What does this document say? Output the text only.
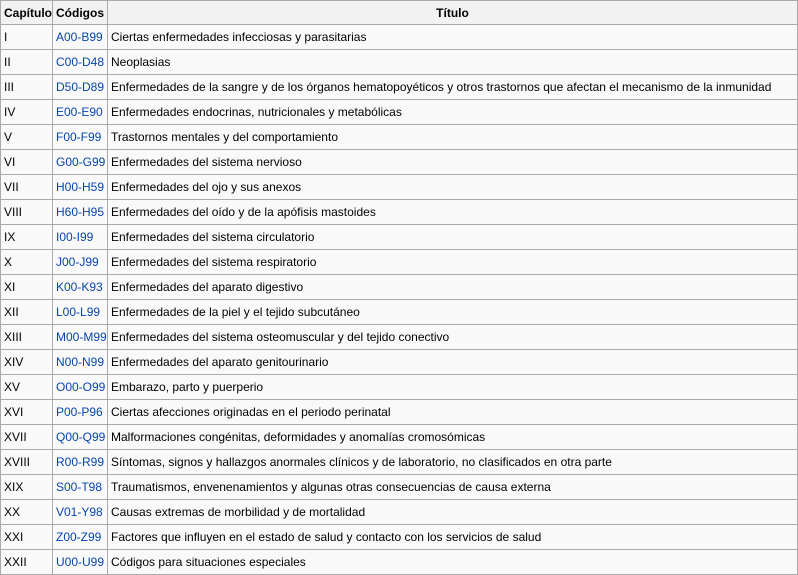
Capítulo	Códigos	Título
I	A00-B99	Ciertas enfermedades infecciosas y parasitarias
II	C00-D48	Neoplasias
III	D50-D89	Enfermedades de la sangre y de los órganos hematopoyéticos y otros trastornos que afectan el mecanismo de la inmunidad
IV	E00-E90	Enfermedades endocrinas, nutricionales y metabólicas
V	F00-F99	Trastornos mentales y del comportamiento
VI	G00-G99	Enfermedades del sistema nervioso
VII	H00-H59	Enfermedades del ojo y sus anexos
VIII	H60-H95	Enfermedades del oído y de la apófisis mastoides
IX	I00-I99	Enfermedades del sistema circulatorio
X	J00-J99	Enfermedades del sistema respiratorio
XI	K00-K93	Enfermedades del aparato digestivo
XII	L00-L99	Enfermedades de la piel y el tejido subcutáneo
XIII	M00-M99	Enfermedades del sistema osteomuscular y del tejido conectivo
XIV	N00-N99	Enfermedades del aparato genitourinario
XV	O00-O99	Embarazo, parto y puerperio
XVI	P00-P96	Ciertas afecciones originadas en el periodo perinatal
XVII	Q00-Q99	Malformaciones congénitas, deformidades y anomalías cromosómicas
XVIII	R00-R99	Síntomas, signos y hallazgos anormales clínicos y de laboratorio, no clasificados en otra parte
XIX	S00-T98	Traumatismos, envenenamientos y algunas otras consecuencias de causa externa
XX	V01-Y98	Causas extremas de morbilidad y de mortalidad
XXI	Z00-Z99	Factores que influyen en el estado de salud y contacto con los servicios de salud
XXII	U00-U99	Códigos para situaciones especiales
